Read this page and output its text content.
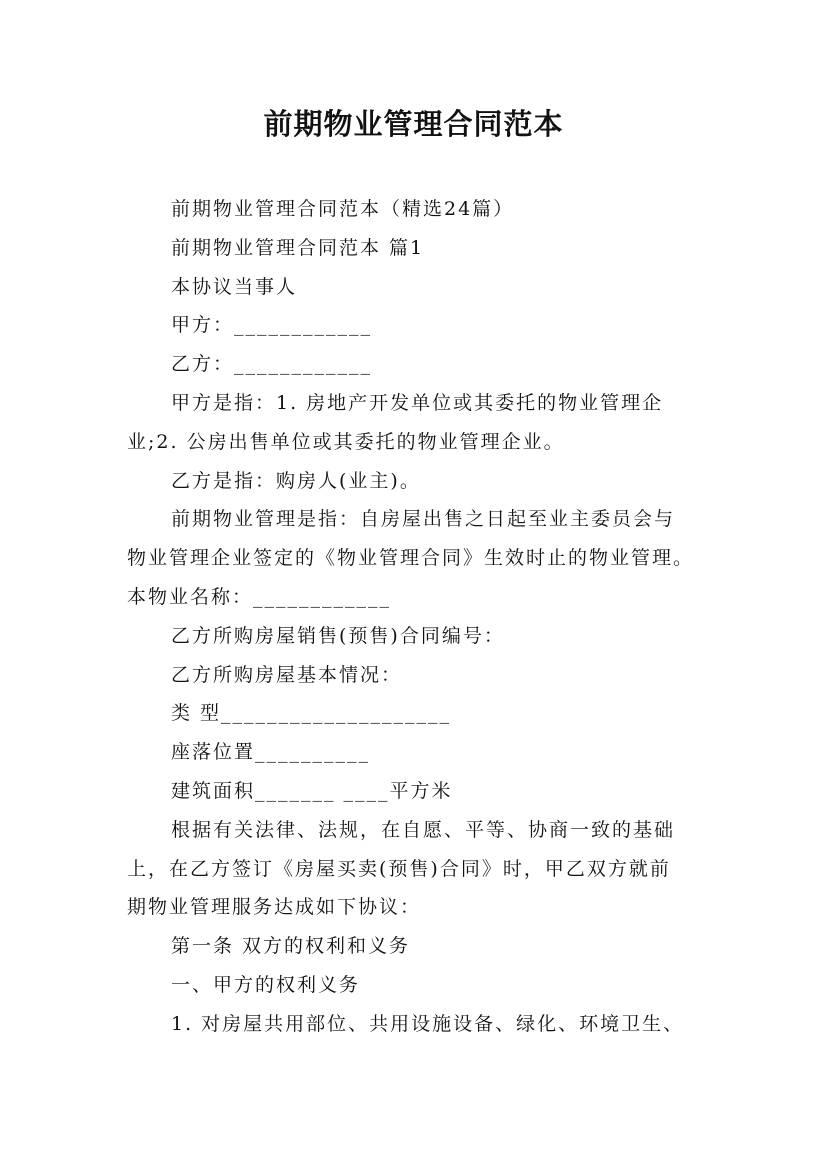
前期物业管理合同范本
前期物业管理合同范本（精选24篇）
前期物业管理合同范本 篇1
本协议当事人
甲方：____________
乙方：____________
甲方是指：1. 房地产开发单位或其委托的物业管理企
业;2. 公房出售单位或其委托的物业管理企业。
乙方是指：购房人(业主)。
前期物业管理是指：自房屋出售之日起至业主委员会与
物业管理企业签定的《物业管理合同》生效时止的物业管理。
本物业名称：____________
乙方所购房屋销售(预售)合同编号：
乙方所购房屋基本情况：
类 型____________________
座落位置__________
建筑面积_______ ____平方米
根据有关法律、法规，在自愿、平等、协商一致的基础
上，在乙方签订《房屋买卖(预售)合同》时，甲乙双方就前
期物业管理服务达成如下协议：
第一条 双方的权利和义务
一、甲方的权利义务
1. 对房屋共用部位、共用设施设备、绿化、环境卫生、
